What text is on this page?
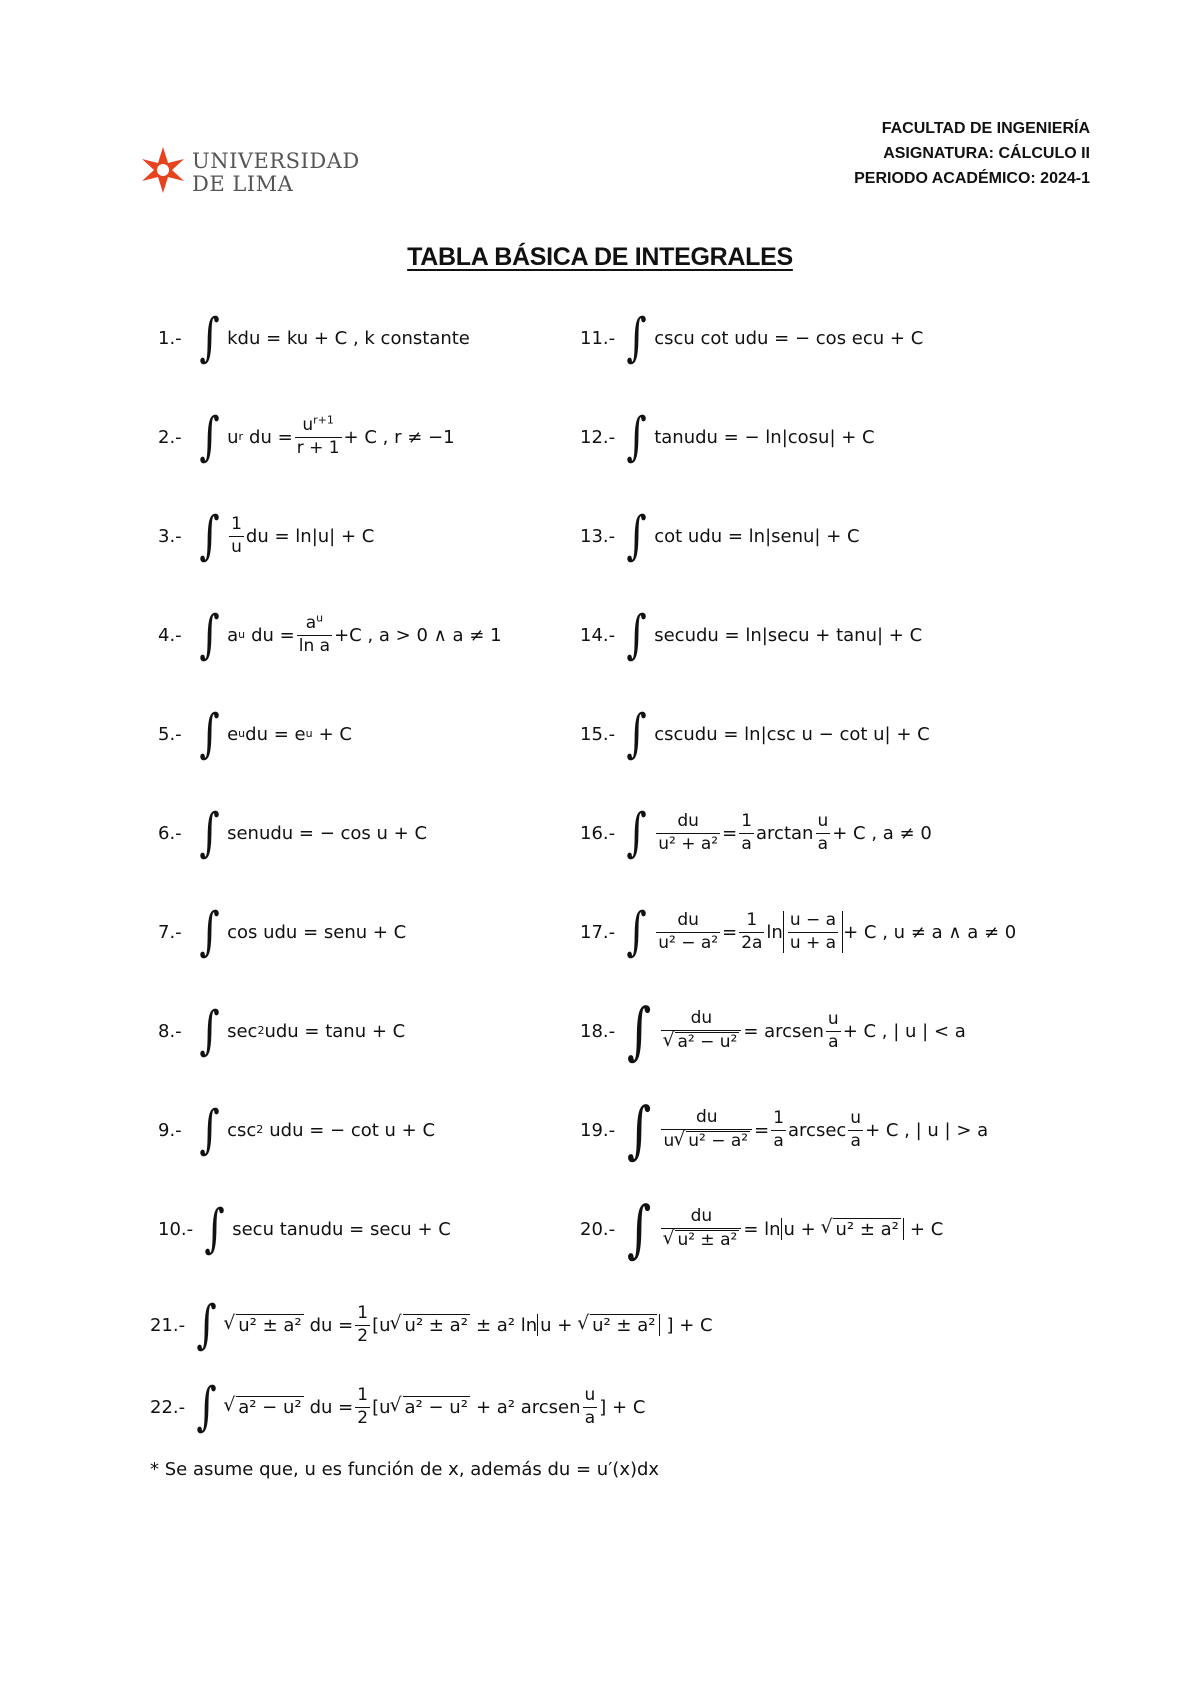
UNIVERSIDAD
DE LIMA
FACULTAD DE INGENIERÍA
ASIGNATURA: CÁLCULO II
PERIODO ACADÉMICO: 2024-1
TABLA BÁSICA DE INTEGRALES
1.- ∫ kdu = ku + C , k constante
2.- ∫ u r du = $\frac{u^{r+1}}{r + 1} + C$ , r ≠ −1
3.- ∫ $\frac{1}{u}$ du = ln|u| + C
4.- ∫ a u du = $\frac{a^u}{\text{ln a}} +C$ , a > 0 ∧ a ≠ 1
5.- ∫ e u du = e u + C
6.- ∫ senudu = − cos u + C
7.- ∫ cos udu = senu + C
8.- ∫ sec 2 udu = tanu + C
9.- ∫ csc 2 udu = − cot u + C
10.- ∫ secu tanudu = secu + C
11.- ∫ cscu cot udu = − cos ecu + C
12.- ∫ tanudu = − ln|cosu| + C
13.- ∫ cot udu = ln|senu| + C
14.- ∫ secudu = ln|secu + tanu| + C
15.- ∫ cscudu = ln|csc u − cot u| + C
16.- ∫ $\frac{du}{\text{u² + a²}} = \frac{1}{a}$ $\arctan \frac{u}{a} + C$ , a ≠ 0
17.- ∫ $\frac{du}{\text{u² − a²}} = \frac{1}{2a}$ $\ln \frac{u - a}{u + a} + C$ , u ≠ a ∧ a ≠ 0
18.- ∫ du
√ a² − u² = arcsen $\frac{u}{a} + C$ , | u | < a
19.- ∫ $\frac{du}{\text{u √ u² − a²}} = \frac{1}{a}$ arcsec $\frac{u}{a} + C$ , | u | > a
20.- ∫ du
√ u² ± a² = ln u + √ u² ± a² + C
21.- ∫ √ u² ± a² du = $\frac{1}{2} [u$ √ u² ± a² ± a² ln u + √ u² ± a² ] + C
22.- ∫ √ a² − u² du = $\frac{1}{2} [u$ √ a² − u² + a² arcsen $\frac{u}{a}$ ] + C
* Se asume que, u es función de x, además du = u′(x)dx
